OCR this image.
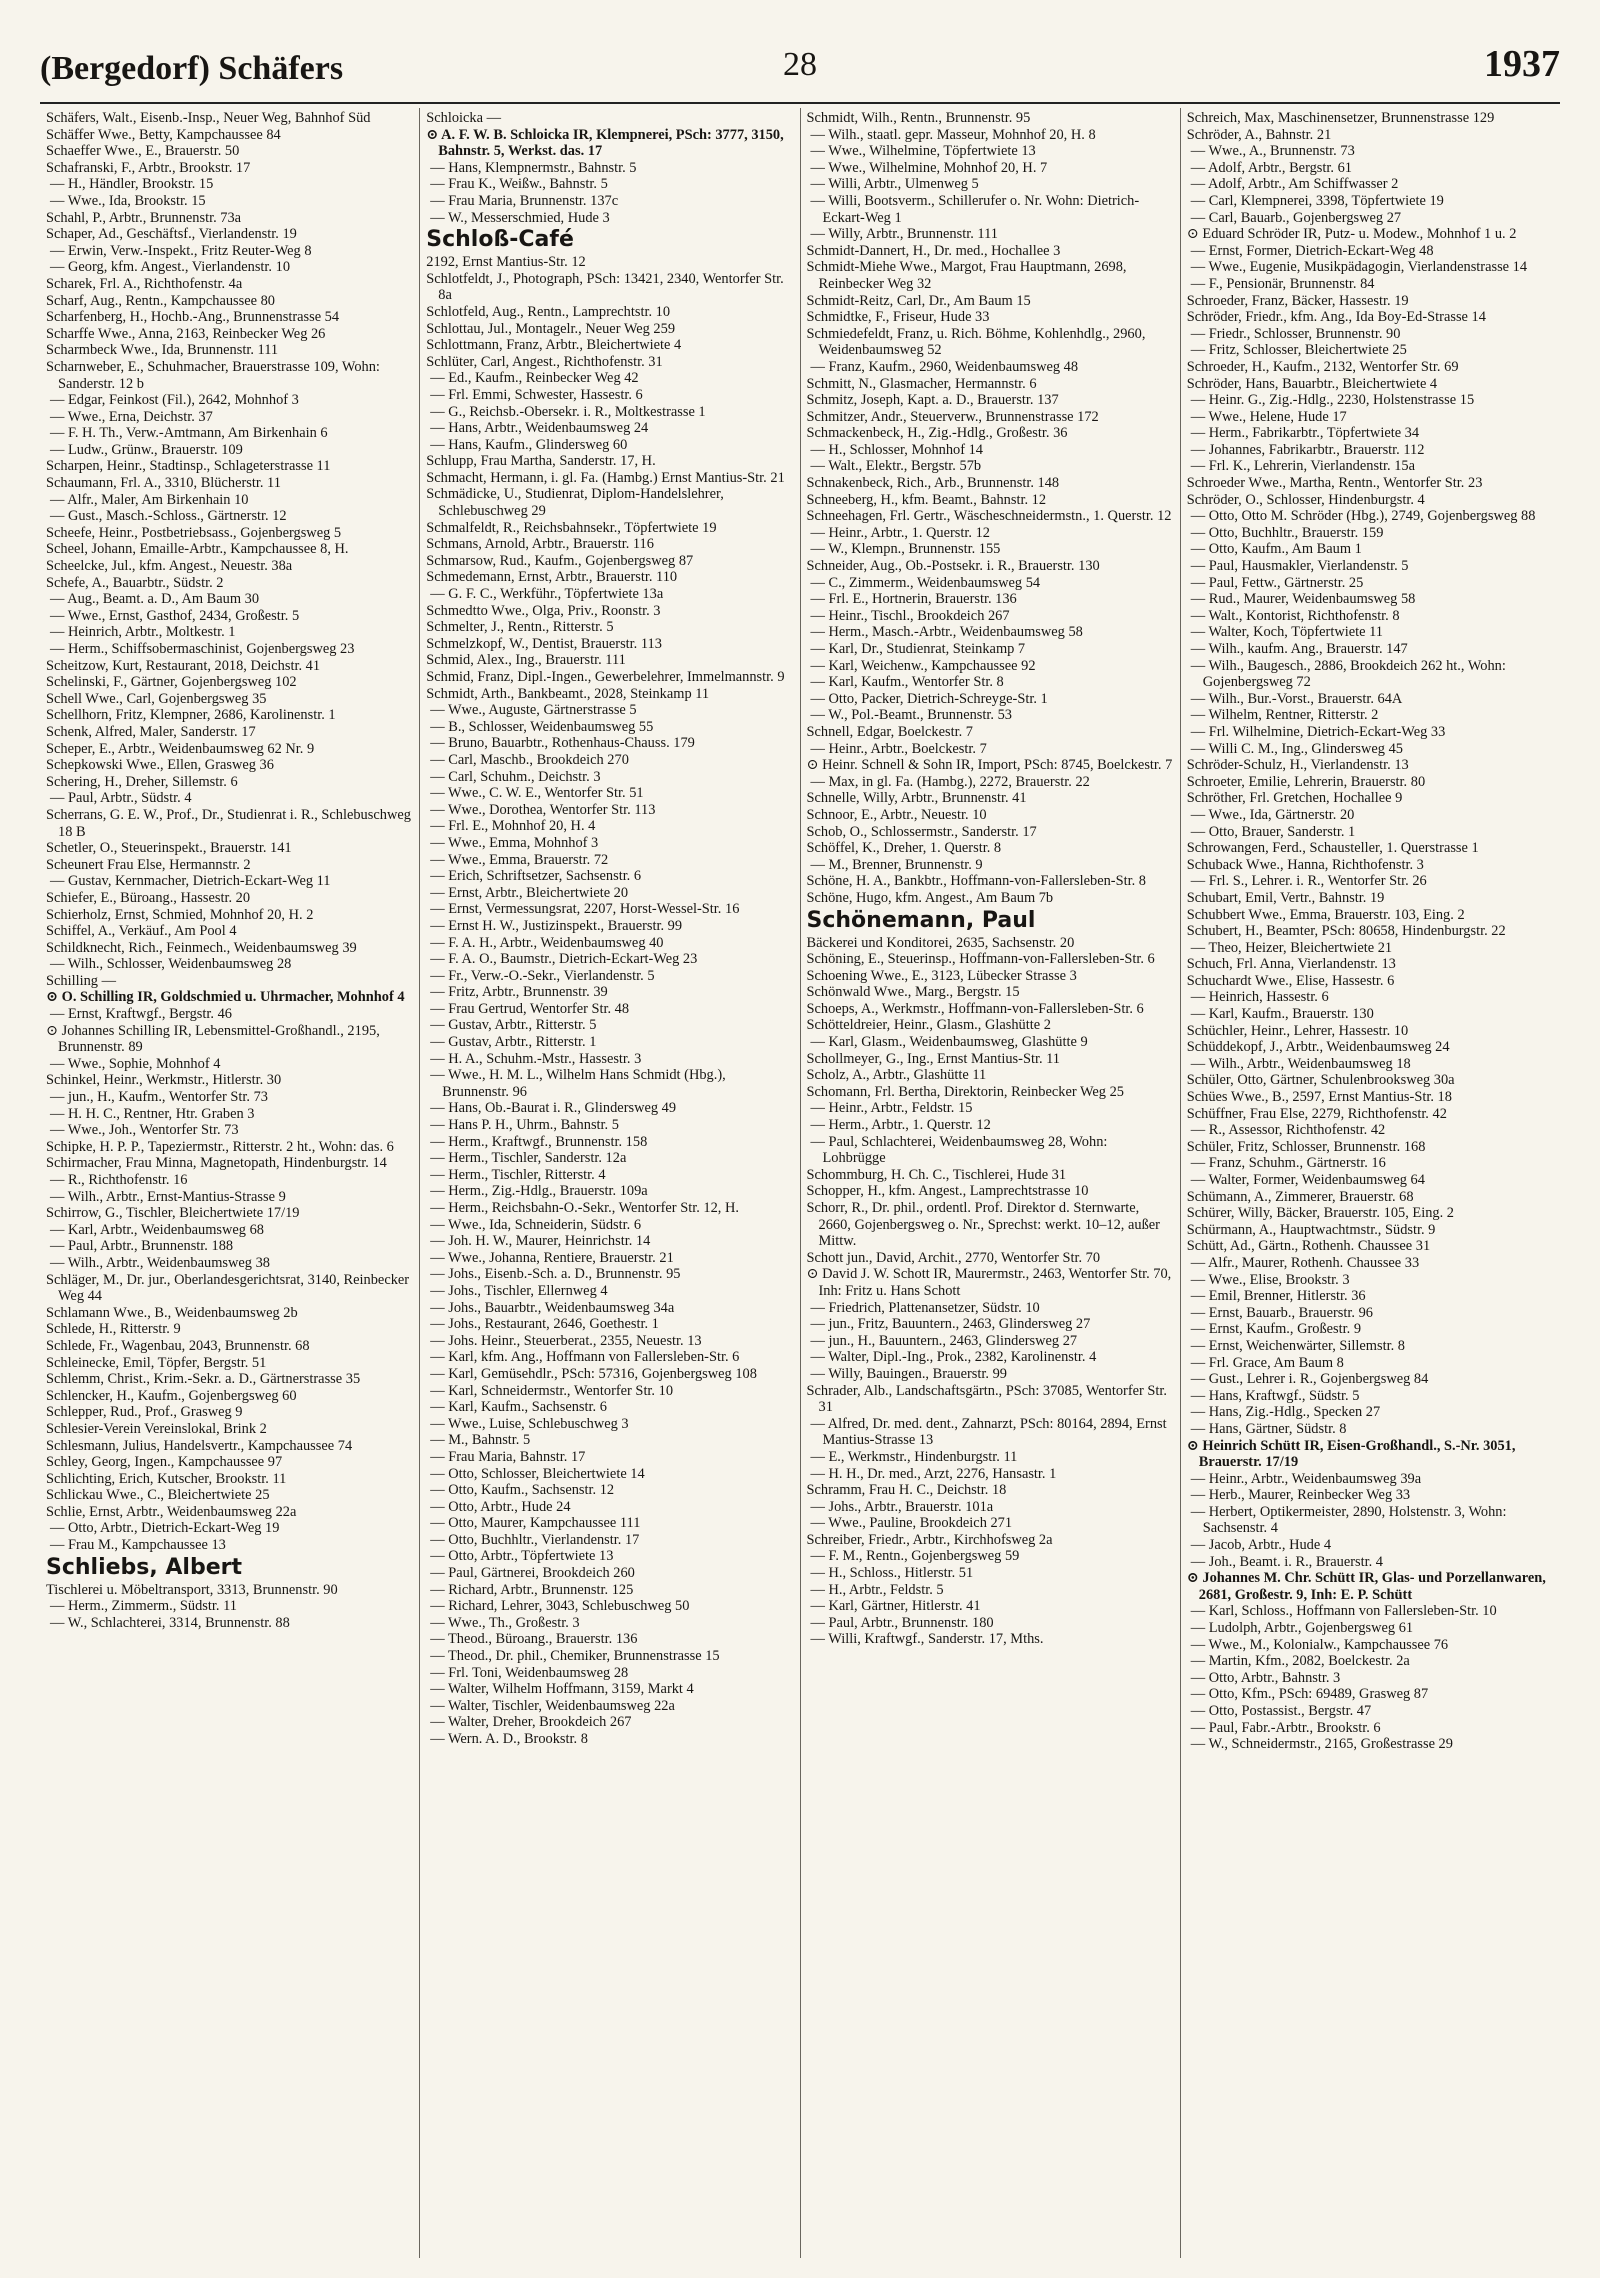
(Bergedorf) Schäfers	28	1937

Schäfers, Walt., Eisenb.-Insp., Neuer Weg, Bahnhof Süd

Schäffer Wwe., Betty, Kampchaussee 84

Schaeffer Wwe., E., Brauerstr. 50

Schafranski, F., Arbtr., Brookstr. 17

— H., Händler, Brookstr. 15

— Wwe., Ida, Brookstr. 15

Schahl, P., Arbtr., Brunnenstr. 73a

Schaper, Ad., Geschäftsf., Vierlandenstr. 19

— Erwin, Verw.-Inspekt., Fritz Reuter-Weg 8

— Georg, kfm. Angest., Vierlandenstr. 10

Scharek, Frl. A., Richthofenstr. 4a

Scharf, Aug., Rentn., Kampchaussee 80

Scharfenberg, H., Hochb.-Ang., Brunnenstrasse 54

Scharffe Wwe., Anna, 2163, Reinbecker Weg 26

Scharmbeck Wwe., Ida, Brunnenstr. 111

Scharnweber, E., Schuhmacher, Brauerstrasse 109, Wohn: Sanderstr. 12 b

— Edgar, Feinkost (Fil.), 2642, Mohnhof 3

— Wwe., Erna, Deichstr. 37

— F. H. Th., Verw.-Amtmann, Am Birkenhain 6

— Ludw., Grünw., Brauerstr. 109

Scharpen, Heinr., Stadtinsp., Schlageterstrasse 11

Schaumann, Frl. A., 3310, Blücherstr. 11

— Alfr., Maler, Am Birkenhain 10

— Gust., Masch.-Schloss., Gärtnerstr. 12

Scheefe, Heinr., Postbetriebsass., Gojenbergsweg 5

Scheel, Johann, Emaille-Arbtr., Kampchaussee 8, H.

Scheelcke, Jul., kfm. Angest., Neuestr. 38a

Schefe, A., Bauarbtr., Südstr. 2

— Aug., Beamt. a. D., Am Baum 30

— Wwe., Ernst, Gasthof, 2434, Großestr. 5

— Heinrich, Arbtr., Moltkestr. 1

— Herm., Schiffsobermaschinist, Gojenbergsweg 23

Scheitzow, Kurt, Restaurant, 2018, Deichstr. 41

Schelinski, F., Gärtner, Gojenbergsweg 102

Schell Wwe., Carl, Gojenbergsweg 35

Schellhorn, Fritz, Klempner, 2686, Karolinenstr. 1

Schenk, Alfred, Maler, Sanderstr. 17

Scheper, E., Arbtr., Weidenbaumsweg 62 Nr. 9

Schepkowski Wwe., Ellen, Grasweg 36

Schering, H., Dreher, Sillemstr. 6

— Paul, Arbtr., Südstr. 4

Scherrans, G. E. W., Prof., Dr., Studienrat i. R., Schlebuschweg 18 B

Schetler, O., Steuerinspekt., Brauerstr. 141

Scheunert Frau Else, Hermannstr. 2

— Gustav, Kernmacher, Dietrich-Eckart-Weg 11

Schiefer, E., Büroang., Hassestr. 20

Schierholz, Ernst, Schmied, Mohnhof 20, H. 2

Schiffel, A., Verkäuf., Am Pool 4

Schildknecht, Rich., Feinmech., Weidenbaumsweg 39

— Wilh., Schlosser, Weidenbaumsweg 28

Schilling —

⊙ O. Schilling IR, Goldschmied u. Uhrmacher, Mohnhof 4

— Ernst, Kraftwgf., Bergstr. 46

⊙ Johannes Schilling IR, Lebensmittel-Großhandl., 2195, Brunnenstr. 89

— Wwe., Sophie, Mohnhof 4

Schinkel, Heinr., Werkmstr., Hitlerstr. 30

— jun., H., Kaufm., Wentorfer Str. 73

— H. H. C., Rentner, Htr. Graben 3

— Wwe., Joh., Wentorfer Str. 73

Schipke, H. P. P., Tapeziermstr., Ritterstr. 2 ht., Wohn: das. 6

Schirmacher, Frau Minna, Magnetopath, Hindenburgstr. 14

— R., Richthofenstr. 16

— Wilh., Arbtr., Ernst-Mantius-Strasse 9

Schirrow, G., Tischler, Bleichertwiete 17/19

— Karl, Arbtr., Weidenbaumsweg 68

— Paul, Arbtr., Brunnenstr. 188

— Wilh., Arbtr., Weidenbaumsweg 38

Schläger, M., Dr. jur., Oberlandesgerichtsrat, 3140, Reinbecker Weg 44

Schlamann Wwe., B., Weidenbaumsweg 2b

Schlede, H., Ritterstr. 9

Schlede, Fr., Wagenbau, 2043, Brunnenstr. 68

Schleinecke, Emil, Töpfer, Bergstr. 51

Schlemm, Christ., Krim.-Sekr. a. D., Gärtnerstrasse 35

Schlencker, H., Kaufm., Gojenbergsweg 60

Schlepper, Rud., Prof., Grasweg 9

Schlesier-Verein Vereinslokal, Brink 2

Schlesmann, Julius, Handelsvertr., Kampchaussee 74

Schley, Georg, Ingen., Kampchaussee 97

Schlichting, Erich, Kutscher, Brookstr. 11

Schlickau Wwe., C., Bleichertwiete 25

Schlie, Ernst, Arbtr., Weidenbaumsweg 22a

— Otto, Arbtr., Dietrich-Eckart-Weg 19

— Frau M., Kampchaussee 13

Schliebs, Albert

Tischlerei u. Möbeltransport, 3313, Brunnenstr. 90

— Herm., Zimmerm., Südstr. 11

— W., Schlachterei, 3314, Brunnenstr. 88

Schloicka —

⊙ A. F. W. B. Schloicka IR, Klempnerei, PSch: 3777, 3150, Bahnstr. 5, Werkst. das. 17

— Hans, Klempnermstr., Bahnstr. 5

— Frau K., Weißw., Bahnstr. 5

— Frau Maria, Brunnenstr. 137c

— W., Messerschmied, Hude 3

Schloß-Café

2192, Ernst Mantius-Str. 12

Schlotfeldt, J., Photograph, PSch: 13421, 2340, Wentorfer Str. 8a

Schlotfeld, Aug., Rentn., Lamprechtstr. 10

Schlottau, Jul., Montagelr., Neuer Weg 259

Schlottmann, Franz, Arbtr., Bleichertwiete 4

Schlüter, Carl, Angest., Richthofenstr. 31

— Ed., Kaufm., Reinbecker Weg 42

— Frl. Emmi, Schwester, Hassestr. 6

— G., Reichsb.-Obersekr. i. R., Moltkestrasse 1

— Hans, Arbtr., Weidenbaumsweg 24

— Hans, Kaufm., Glindersweg 60

Schlupp, Frau Martha, Sanderstr. 17, H.

Schmacht, Hermann, i. gl. Fa. (Hambg.) Ernst Mantius-Str. 21

Schmädicke, U., Studienrat, Diplom-Handelslehrer, Schlebuschweg 29

Schmalfeldt, R., Reichsbahnsekr., Töpfertwiete 19

Schmans, Arnold, Arbtr., Brauerstr. 116

Schmarsow, Rud., Kaufm., Gojenbergsweg 87

Schmedemann, Ernst, Arbtr., Brauerstr. 110

— G. F. C., Werkführ., Töpfertwiete 13a

Schmedtto Wwe., Olga, Priv., Roonstr. 3

Schmelter, J., Rentn., Ritterstr. 5

Schmelzkopf, W., Dentist, Brauerstr. 113

Schmid, Alex., Ing., Brauerstr. 111

Schmid, Franz, Dipl.-Ingen., Gewerbelehrer, Immelmannstr. 9

Schmidt, Arth., Bankbeamt., 2028, Steinkamp 11

— Wwe., Auguste, Gärtnerstrasse 5

— B., Schlosser, Weidenbaumsweg 55

— Bruno, Bauarbtr., Rothenhaus-Chauss. 179

— Carl, Maschb., Brookdeich 270

— Carl, Schuhm., Deichstr. 3

— Wwe., C. W. E., Wentorfer Str. 51

— Wwe., Dorothea, Wentorfer Str. 113

— Frl. E., Mohnhof 20, H. 4

— Wwe., Emma, Mohnhof 3

— Wwe., Emma, Brauerstr. 72

— Erich, Schriftsetzer, Sachsenstr. 6

— Ernst, Arbtr., Bleichertwiete 20

— Ernst, Vermessungsrat, 2207, Horst-Wessel-Str. 16

— Ernst H. W., Justizinspekt., Brauerstr. 99

— F. A. H., Arbtr., Weidenbaumsweg 40

— F. A. O., Baumstr., Dietrich-Eckart-Weg 23

— Fr., Verw.-O.-Sekr., Vierlandenstr. 5

— Fritz, Arbtr., Brunnenstr. 39

— Frau Gertrud, Wentorfer Str. 48

— Gustav, Arbtr., Ritterstr. 5

— Gustav, Arbtr., Ritterstr. 1

— H. A., Schuhm.-Mstr., Hassestr. 3

— Wwe., H. M. L., Wilhelm Hans Schmidt (Hbg.), Brunnenstr. 96

— Hans, Ob.-Baurat i. R., Glindersweg 49

— Hans P. H., Uhrm., Bahnstr. 5

— Herm., Kraftwgf., Brunnenstr. 158

— Herm., Tischler, Sanderstr. 12a

— Herm., Tischler, Ritterstr. 4

— Herm., Zig.-Hdlg., Brauerstr. 109a

— Herm., Reichsbahn-O.-Sekr., Wentorfer Str. 12, H.

— Wwe., Ida, Schneiderin, Südstr. 6

— Joh. H. W., Maurer, Heinrichstr. 14

— Wwe., Johanna, Rentiere, Brauerstr. 21

— Johs., Eisenb.-Sch. a. D., Brunnenstr. 95

— Johs., Tischler, Ellernweg 4

— Johs., Bauarbtr., Weidenbaumsweg 34a

— Johs., Restaurant, 2646, Goethestr. 1

— Johs. Heinr., Steuerberat., 2355, Neuestr. 13

— Karl, kfm. Ang., Hoffmann von Fallersleben-Str. 6

— Karl, Gemüsehdlr., PSch: 57316, Gojenbergsweg 108

— Karl, Schneidermstr., Wentorfer Str. 10

— Karl, Kaufm., Sachsenstr. 6

— Wwe., Luise, Schlebuschweg 3

— M., Bahnstr. 5

— Frau Maria, Bahnstr. 17

— Otto, Schlosser, Bleichertwiete 14

— Otto, Kaufm., Sachsenstr. 12

— Otto, Arbtr., Hude 24

— Otto, Maurer, Kampchaussee 111

— Otto, Buchhltr., Vierlandenstr. 17

— Otto, Arbtr., Töpfertwiete 13

— Paul, Gärtnerei, Brookdeich 260

— Richard, Arbtr., Brunnenstr. 125

— Richard, Lehrer, 3043, Schlebuschweg 50

— Wwe., Th., Großestr. 3

— Theod., Büroang., Brauerstr. 136

— Theod., Dr. phil., Chemiker, Brunnenstrasse 15

— Frl. Toni, Weidenbaumsweg 28

— Walter, Wilhelm Hoffmann, 3159, Markt 4

— Walter, Tischler, Weidenbaumsweg 22a

— Walter, Dreher, Brookdeich 267

— Wern. A. D., Brookstr. 8

Schmidt, Wilh., Rentn., Brunnenstr. 95

— Wilh., staatl. gepr. Masseur, Mohnhof 20, H. 8

— Wwe., Wilhelmine, Töpfertwiete 13

— Wwe., Wilhelmine, Mohnhof 20, H. 7

— Willi, Arbtr., Ulmenweg 5

— Willi, Bootsverm., Schillerufer o. Nr. Wohn: Dietrich-Eckart-Weg 1

— Willy, Arbtr., Brunnenstr. 111

Schmidt-Dannert, H., Dr. med., Hochallee 3

Schmidt-Miehe Wwe., Margot, Frau Hauptmann, 2698, Reinbecker Weg 32

Schmidt-Reitz, Carl, Dr., Am Baum 15

Schmidtke, F., Friseur, Hude 33

Schmiedefeldt, Franz, u. Rich. Böhme, Kohlenhdlg., 2960, Weidenbaumsweg 52

— Franz, Kaufm., 2960, Weidenbaumsweg 48

Schmitt, N., Glasmacher, Hermannstr. 6

Schmitz, Joseph, Kapt. a. D., Brauerstr. 137

Schmitzer, Andr., Steuerverw., Brunnenstrasse 172

Schmackenbeck, H., Zig.-Hdlg., Großestr. 36

— H., Schlosser, Mohnhof 14

— Walt., Elektr., Bergstr. 57b

Schnakenbeck, Rich., Arb., Brunnenstr. 148

Schneeberg, H., kfm. Beamt., Bahnstr. 12

Schneehagen, Frl. Gertr., Wäscheschneidermstn., 1. Querstr. 12

— Heinr., Arbtr., 1. Querstr. 12

— W., Klempn., Brunnenstr. 155

Schneider, Aug., Ob.-Postsekr. i. R., Brauerstr. 130

— C., Zimmerm., Weidenbaumsweg 54

— Frl. E., Hortnerin, Brauerstr. 136

— Heinr., Tischl., Brookdeich 267

— Herm., Masch.-Arbtr., Weidenbaumsweg 58

— Karl, Dr., Studienrat, Steinkamp 7

— Karl, Weichenw., Kampchaussee 92

— Karl, Kaufm., Wentorfer Str. 8

— Otto, Packer, Dietrich-Schreyge-Str. 1

— W., Pol.-Beamt., Brunnenstr. 53

Schnell, Edgar, Boelckestr. 7

— Heinr., Arbtr., Boelckestr. 7

⊙ Heinr. Schnell & Sohn IR, Import, PSch: 8745, Boelckestr. 7

— Max, in gl. Fa. (Hambg.), 2272, Brauerstr. 22

Schnelle, Willy, Arbtr., Brunnenstr. 41

Schnoor, E., Arbtr., Neuestr. 10

Schob, O., Schlossermstr., Sanderstr. 17

Schöffel, K., Dreher, 1. Querstr. 8

— M., Brenner, Brunnenstr. 9

Schöne, H. A., Bankbtr., Hoffmann-von-Fallersleben-Str. 8

Schöne, Hugo, kfm. Angest., Am Baum 7b

Schönemann, Paul

Bäckerei und Konditorei, 2635, Sachsenstr. 20

Schöning, E., Steuerinsp., Hoffmann-von-Fallersleben-Str. 6

Schoening Wwe., E., 3123, Lübecker Strasse 3

Schönwald Wwe., Marg., Bergstr. 15

Schoeps, A., Werkmstr., Hoffmann-von-Fallersleben-Str. 6

Schötteldreier, Heinr., Glasm., Glashütte 2

— Karl, Glasm., Weidenbaumsweg, Glashütte 9

Schollmeyer, G., Ing., Ernst Mantius-Str. 11

Scholz, A., Arbtr., Glashütte 11

Schomann, Frl. Bertha, Direktorin, Reinbecker Weg 25

— Heinr., Arbtr., Feldstr. 15

— Herm., Arbtr., 1. Querstr. 12

— Paul, Schlachterei, Weidenbaumsweg 28, Wohn: Lohbrügge

Schommburg, H. Ch. C., Tischlerei, Hude 31

Schopper, H., kfm. Angest., Lamprechtstrasse 10

Schorr, R., Dr. phil., ordentl. Prof. Direktor d. Sternwarte, 2660, Gojenbergsweg o. Nr., Sprechst: werkt. 10–12, außer Mittw.

Schott jun., David, Archit., 2770, Wentorfer Str. 70

⊙ David J. W. Schott IR, Maurermstr., 2463, Wentorfer Str. 70, Inh: Fritz u. Hans Schott

— Friedrich, Plattenansetzer, Südstr. 10

— jun., Fritz, Bauuntern., 2463, Glindersweg 27

— jun., H., Bauuntern., 2463, Glindersweg 27

— Walter, Dipl.-Ing., Prok., 2382, Karolinenstr. 4

— Willy, Bauingen., Brauerstr. 99

Schrader, Alb., Landschaftsgärtn., PSch: 37085, Wentorfer Str. 31

— Alfred, Dr. med. dent., Zahnarzt, PSch: 80164, 2894, Ernst Mantius-Strasse 13

— E., Werkmstr., Hindenburgstr. 11

— H. H., Dr. med., Arzt, 2276, Hansastr. 1

Schramm, Frau H. C., Deichstr. 18

— Johs., Arbtr., Brauerstr. 101a

— Wwe., Pauline, Brookdeich 271

Schreiber, Friedr., Arbtr., Kirchhofsweg 2a

— F. M., Rentn., Gojenbergsweg 59

— H., Schloss., Hitlerstr. 51

— H., Arbtr., Feldstr. 5

— Karl, Gärtner, Hitlerstr. 41

— Paul, Arbtr., Brunnenstr. 180

— Willi, Kraftwgf., Sanderstr. 17, Mths.

Schreich, Max, Maschinensetzer, Brunnenstrasse 129

Schröder, A., Bahnstr. 21

— Wwe., A., Brunnenstr. 73

— Adolf, Arbtr., Bergstr. 61

— Adolf, Arbtr., Am Schiffwasser 2

— Carl, Klempnerei, 3398, Töpfertwiete 19

— Carl, Bauarb., Gojenbergsweg 27

⊙ Eduard Schröder IR, Putz- u. Modew., Mohnhof 1 u. 2

— Ernst, Former, Dietrich-Eckart-Weg 48

— Wwe., Eugenie, Musikpädagogin, Vierlandenstrasse 14

— F., Pensionär, Brunnenstr. 84

Schroeder, Franz, Bäcker, Hassestr. 19

Schröder, Friedr., kfm. Ang., Ida Boy-Ed-Strasse 14

— Friedr., Schlosser, Brunnenstr. 90

— Fritz, Schlosser, Bleichertwiete 25

Schroeder, H., Kaufm., 2132, Wentorfer Str. 69

Schröder, Hans, Bauarbtr., Bleichertwiete 4

— Heinr. G., Zig.-Hdlg., 2230, Holstenstrasse 15

— Wwe., Helene, Hude 17

— Herm., Fabrikarbtr., Töpfertwiete 34

— Johannes, Fabrikarbtr., Brauerstr. 112

— Frl. K., Lehrerin, Vierlandenstr. 15a

Schroeder Wwe., Martha, Rentn., Wentorfer Str. 23

Schröder, O., Schlosser, Hindenburgstr. 4

— Otto, Otto M. Schröder (Hbg.), 2749, Gojenbergsweg 88

— Otto, Buchhltr., Brauerstr. 159

— Otto, Kaufm., Am Baum 1

— Paul, Hausmakler, Vierlandenstr. 5

— Paul, Fettw., Gärtnerstr. 25

— Rud., Maurer, Weidenbaumsweg 58

— Walt., Kontorist, Richthofenstr. 8

— Walter, Koch, Töpfertwiete 11

— Wilh., kaufm. Ang., Brauerstr. 147

— Wilh., Baugesch., 2886, Brookdeich 262 ht., Wohn: Gojenbergsweg 72

— Wilh., Bur.-Vorst., Brauerstr. 64A

— Wilhelm, Rentner, Ritterstr. 2

— Frl. Wilhelmine, Dietrich-Eckart-Weg 33

— Willi C. M., Ing., Glindersweg 45

Schröder-Schulz, H., Vierlandenstr. 13

Schroeter, Emilie, Lehrerin, Brauerstr. 80

Schröther, Frl. Gretchen, Hochallee 9

— Wwe., Ida, Gärtnerstr. 20

— Otto, Brauer, Sanderstr. 1

Schrowangen, Ferd., Schausteller, 1. Querstrasse 1

Schuback Wwe., Hanna, Richthofenstr. 3

— Frl. S., Lehrer. i. R., Wentorfer Str. 26

Schubart, Emil, Vertr., Bahnstr. 19

Schubbert Wwe., Emma, Brauerstr. 103, Eing. 2

Schubert, H., Beamter, PSch: 80658, Hindenburgstr. 22

— Theo, Heizer, Bleichertwiete 21

Schuch, Frl. Anna, Vierlandenstr. 13

Schuchardt Wwe., Elise, Hassestr. 6

— Heinrich, Hassestr. 6

— Karl, Kaufm., Brauerstr. 130

Schüchler, Heinr., Lehrer, Hassestr. 10

Schüddekopf, J., Arbtr., Weidenbaumsweg 24

— Wilh., Arbtr., Weidenbaumsweg 18

Schüler, Otto, Gärtner, Schulenbrooksweg 30a

Schües Wwe., B., 2597, Ernst Mantius-Str. 18

Schüffner, Frau Else, 2279, Richthofenstr. 42

— R., Assessor, Richthofenstr. 42

Schüler, Fritz, Schlosser, Brunnenstr. 168

— Franz, Schuhm., Gärtnerstr. 16

— Walter, Former, Weidenbaumsweg 64

Schümann, A., Zimmerer, Brauerstr. 68

Schürer, Willy, Bäcker, Brauerstr. 105, Eing. 2

Schürmann, A., Hauptwachtmstr., Südstr. 9

Schütt, Ad., Gärtn., Rothenh. Chaussee 31

— Alfr., Maurer, Rothenh. Chaussee 33

— Wwe., Elise, Brookstr. 3

— Emil, Brenner, Hitlerstr. 36

— Ernst, Bauarb., Brauerstr. 96

— Ernst, Kaufm., Großestr. 9

— Ernst, Weichenwärter, Sillemstr. 8

— Frl. Grace, Am Baum 8

— Gust., Lehrer i. R., Gojenbergsweg 84

— Hans, Kraftwgf., Südstr. 5

— Hans, Zig.-Hdlg., Specken 27

— Hans, Gärtner, Südstr. 8

⊙ Heinrich Schütt IR, Eisen-Großhandl., S.-Nr. 3051, Brauerstr. 17/19

— Heinr., Arbtr., Weidenbaumsweg 39a

— Herb., Maurer, Reinbecker Weg 33

— Herbert, Optikermeister, 2890, Holstenstr. 3, Wohn: Sachsenstr. 4

— Jacob, Arbtr., Hude 4

— Joh., Beamt. i. R., Brauerstr. 4

⊙ Johannes M. Chr. Schütt IR, Glas- und Porzellanwaren, 2681, Großestr. 9, Inh: E. P. Schütt

— Karl, Schloss., Hoffmann von Fallersleben-Str. 10

— Ludolph, Arbtr., Gojenbergsweg 61

— Wwe., M., Kolonialw., Kampchaussee 76

— Martin, Kfm., 2082, Boelckestr. 2a

— Otto, Arbtr., Bahnstr. 3

— Otto, Kfm., PSch: 69489, Grasweg 87

— Otto, Postassist., Bergstr. 47

— Paul, Fabr.-Arbtr., Brookstr. 6

— W., Schneidermstr., 2165, Großestrasse 29
